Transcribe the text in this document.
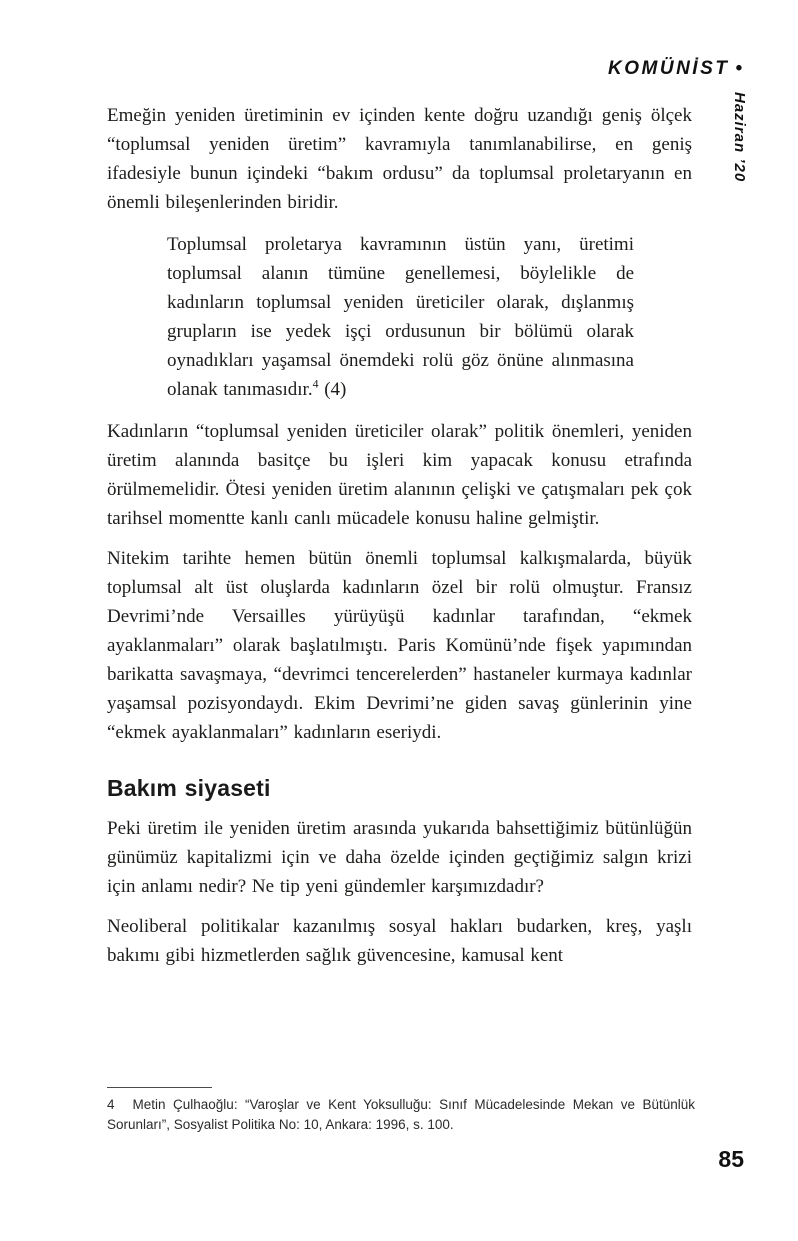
KOMÜNİST •
Haziran ’20

Emeğin yeniden üretiminin ev içinden kente doğru uzandığı geniş ölçek “toplumsal yeniden üretim” kavramıyla tanımlanabilirse, en geniş ifadesiyle bunun içindeki “bakım ordusu” da toplumsal proletaryanın en önemli bileşenlerinden biridir.

Toplumsal proletarya kavramının üstün yanı, üretimi toplumsal alanın tümüne genellemesi, böylelikle de kadınların toplumsal yeniden üreticiler olarak, dışlanmış grupların ise yedek işçi ordusunun bir bölümü olarak oynadıkları yaşamsal önemdeki rolü göz önüne alınmasına olanak tanımasıdır.$^4$ (4)

Kadınların “toplumsal yeniden üreticiler olarak” politik önemleri, yeniden üretim alanında basitçe bu işleri kim yapacak konusu etrafında örülmemelidir. Ötesi yeniden üretim alanının çelişki ve çatışmaları pek çok tarihsel momentte kanlı canlı mücadele konusu haline gelmiştir.

Nitekim tarihte hemen bütün önemli toplumsal kalkışmalarda, büyük toplumsal alt üst oluşlarda kadınların özel bir rolü olmuştur. Fransız Devrimi’nde Versailles yürüyüşü kadınlar tarafından, “ekmek ayaklanmaları” olarak başlatılmıştı. Paris Komünü’nde fişek yapımından barikatta savaşmaya, “devrimci tencerelerden” hastaneler kurmaya kadınlar yaşamsal pozisyondaydı. Ekim Devrimi’ne giden savaş günlerinin yine “ekmek ayaklanmaları” kadınların eseriydi.

Bakım siyaseti

Peki üretim ile yeniden üretim arasında yukarıda bahsettiğimiz bütünlüğün günümüz kapitalizmi için ve daha özelde içinden geçtiğimiz salgın krizi için anlamı nedir? Ne tip yeni gündemler karşımızdadır?

Neoliberal politikalar kazanılmış sosyal hakları budarken, kreş, yaşlı bakımı gibi hizmetlerden sağlık güvencesine, kamusal kent

4 Metin Çulhaoğlu: “Varoşlar ve Kent Yoksulluğu: Sınıf Mücadelesinde Mekan ve Bütünlük Sorunları”, Sosyalist Politika No: 10, Ankara: 1996, s. 100.

85
